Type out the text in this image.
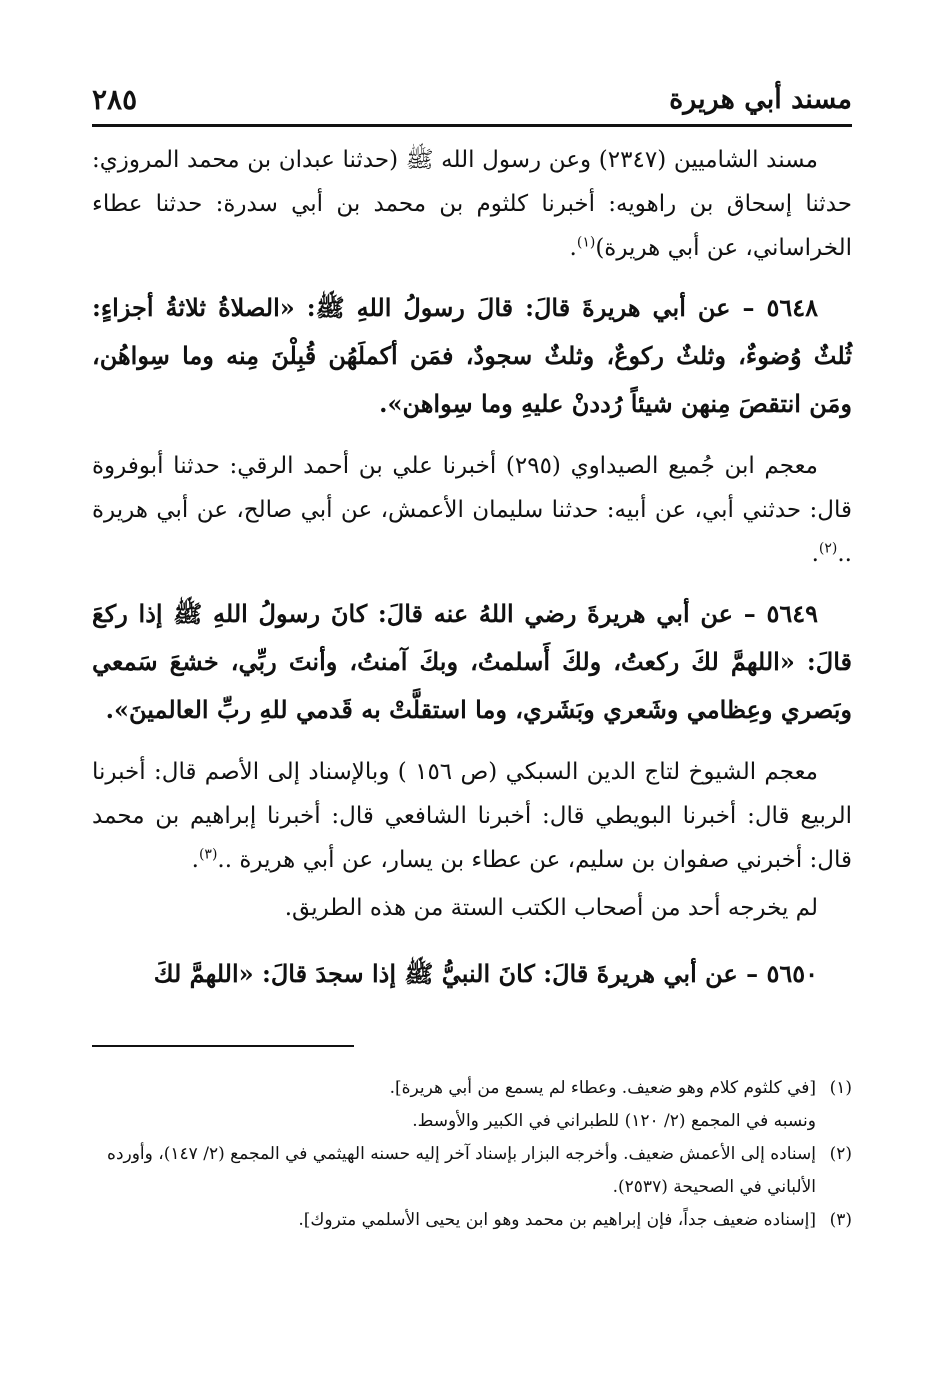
مسند أبي هريرة
٢٨٥

مسند الشاميين (٢٣٤٧) وعن رسول الله ﷺ (حدثنا عبدان بن محمد المروزي: حدثنا إسحاق بن راهويه: أخبرنا كلثوم بن محمد بن أبي سدرة: حدثنا عطاء الخراساني، عن أبي هريرة)$^{(١)}$.

٥٦٤٨ – عن أبي هريرةَ قالَ: قالَ رسولُ اللهِ ﷺ: «الصلاةُ ثلاثةُ أجزاءٍ: ثُلثٌ وُضوءٌ، وثلثٌ ركوعٌ، وثلثٌ سجودٌ، فمَن أكملَهُن قُبِلْنَ مِنه وما سِواهُن، ومَن انتقصَ مِنهن شيئاً رُددنْ عليهِ وما سِواهن».

معجم ابن جُميع الصيداوي (٢٩٥) أخبرنا علي بن أحمد الرقي: حدثنا أبوفروة قال: حدثني أبي، عن أبيه: حدثنا سليمان الأعمش، عن أبي صالح، عن أبي هريرة ..$^{(٢)}$.

٥٦٤٩ – عن أبي هريرةَ رضي اللهُ عنه قالَ: كانَ رسولُ اللهِ ﷺ إذا ركعَ قالَ: «اللهمَّ لكَ ركعتُ، ولكَ أَسلمتُ، وبكَ آمنتُ، وأنتَ ربِّي، خشعَ سَمعي وبَصري وعِظامي وشَعري وبَشَري، وما استقلَّتْ به قَدمي للهِ ربِّ العالمينَ».

معجم الشيوخ لتاج الدين السبكي (ص ١٥٦ ) وبالإسناد إلى الأصم قال: أخبرنا الربيع قال: أخبرنا البويطي قال: أخبرنا الشافعي قال: أخبرنا إبراهيم بن محمد قال: أخبرني صفوان بن سليم، عن عطاء بن يسار، عن أبي هريرة ..$^{(٣)}$.

لم يخرجه أحد من أصحاب الكتب الستة من هذه الطريق.

٥٦٥٠ – عن أبي هريرةَ قالَ: كانَ النبيُّ ﷺ إذا سجدَ قالَ: «اللهمَّ لكَ

(١)
[في كلثوم كلام وهو ضعيف. وعطاء لم يسمع من أبي هريرة].

ونسبه في المجمع (٢/ ١٢٠) للطبراني في الكبير والأوسط.

(٢)
إسناده إلى الأعمش ضعيف. وأخرجه البزار بإسناد آخر إليه حسنه الهيثمي في المجمع (٢/ ١٤٧)، وأورده الألباني في الصحيحة (٢٥٣٧).

(٣)
[إسناده ضعيف جداً، فإن إبراهيم بن محمد وهو ابن يحيى الأسلمي متروك].
